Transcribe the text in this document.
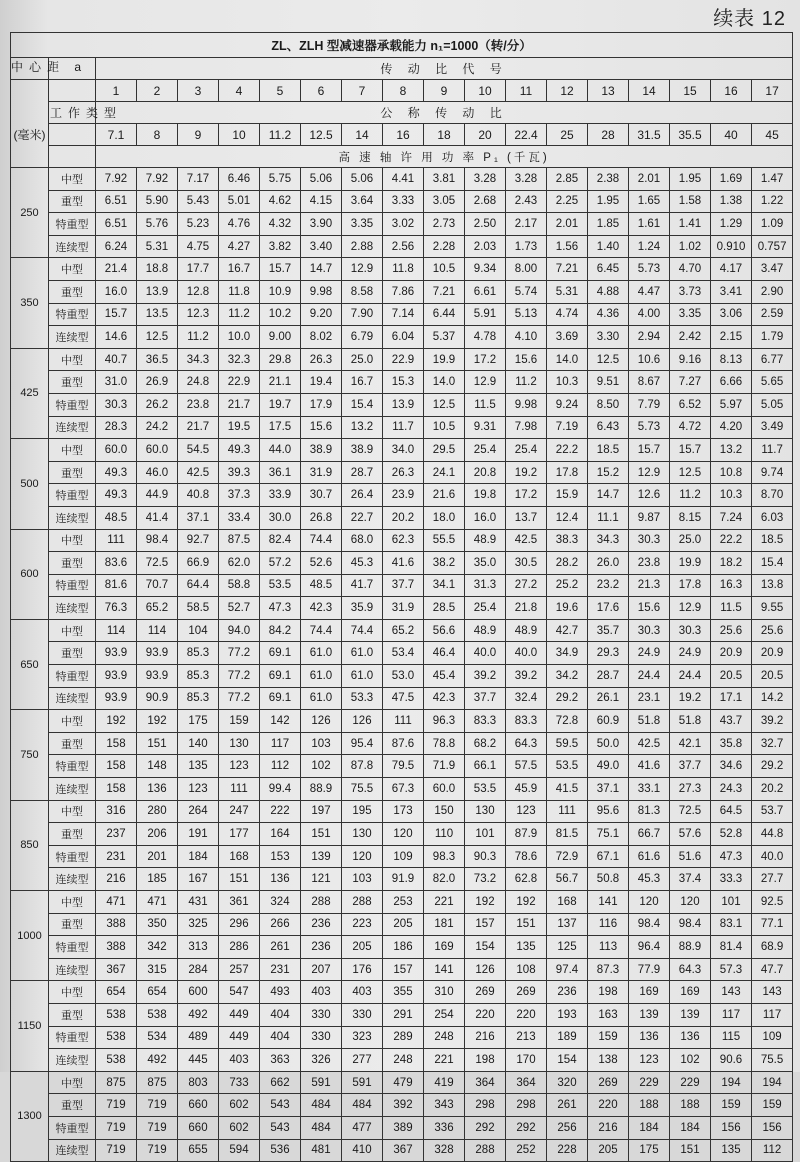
续表 12
ZL、ZLH 型减速器承载能力 n₁=1000（转/分）																		
中心距 a		传 动 比 代 号																
		1	2	3	4	5	6	7	8	9	10	11	12	13	14	15	16	17
	工作类型	公 称 传 动 比																
(毫米)		7.1	8	9	10	11.2	12.5	14	16	18	20	22.4	25	28	31.5	35.5	40	45
		高 速 轴 许 用 功 率 P₁ (千瓦)																
250	中型	7.92	7.92	7.17	6.46	5.75	5.06	5.06	4.41	3.81	3.28	3.28	2.85	2.38	2.01	1.95	1.69	1.47
	重型	6.51	5.90	5.43	5.01	4.62	4.15	3.64	3.33	3.05	2.68	2.43	2.25	1.95	1.65	1.58	1.38	1.22
	特重型	6.51	5.76	5.23	4.76	4.32	3.90	3.35	3.02	2.73	2.50	2.17	2.01	1.85	1.61	1.41	1.29	1.09
	连续型	6.24	5.31	4.75	4.27	3.82	3.40	2.88	2.56	2.28	2.03	1.73	1.56	1.40	1.24	1.02	0.910	0.757
350	中型	21.4	18.8	17.7	16.7	15.7	14.7	12.9	11.8	10.5	9.34	8.00	7.21	6.45	5.73	4.70	4.17	3.47
	重型	16.0	13.9	12.8	11.8	10.9	9.98	8.58	7.86	7.21	6.61	5.74	5.31	4.88	4.47	3.73	3.41	2.90
	特重型	15.7	13.5	12.3	11.2	10.2	9.20	7.90	7.14	6.44	5.91	5.13	4.74	4.36	4.00	3.35	3.06	2.59
	连续型	14.6	12.5	11.2	10.0	9.00	8.02	6.79	6.04	5.37	4.78	4.10	3.69	3.30	2.94	2.42	2.15	1.79
425	中型	40.7	36.5	34.3	32.3	29.8	26.3	25.0	22.9	19.9	17.2	15.6	14.0	12.5	10.6	9.16	8.13	6.77
	重型	31.0	26.9	24.8	22.9	21.1	19.4	16.7	15.3	14.0	12.9	11.2	10.3	9.51	8.67	7.27	6.66	5.65
	特重型	30.3	26.2	23.8	21.7	19.7	17.9	15.4	13.9	12.5	11.5	9.98	9.24	8.50	7.79	6.52	5.97	5.05
	连续型	28.3	24.2	21.7	19.5	17.5	15.6	13.2	11.7	10.5	9.31	7.98	7.19	6.43	5.73	4.72	4.20	3.49
500	中型	60.0	60.0	54.5	49.3	44.0	38.9	38.9	34.0	29.5	25.4	25.4	22.2	18.5	15.7	15.7	13.2	11.7
	重型	49.3	46.0	42.5	39.3	36.1	31.9	28.7	26.3	24.1	20.8	19.2	17.8	15.2	12.9	12.5	10.8	9.74
	特重型	49.3	44.9	40.8	37.3	33.9	30.7	26.4	23.9	21.6	19.8	17.2	15.9	14.7	12.6	11.2	10.3	8.70
	连续型	48.5	41.4	37.1	33.4	30.0	26.8	22.7	20.2	18.0	16.0	13.7	12.4	11.1	9.87	8.15	7.24	6.03
600	中型	111	98.4	92.7	87.5	82.4	74.4	68.0	62.3	55.5	48.9	42.5	38.3	34.3	30.3	25.0	22.2	18.5
	重型	83.6	72.5	66.9	62.0	57.2	52.6	45.3	41.6	38.2	35.0	30.5	28.2	26.0	23.8	19.9	18.2	15.4
	特重型	81.6	70.7	64.4	58.8	53.5	48.5	41.7	37.7	34.1	31.3	27.2	25.2	23.2	21.3	17.8	16.3	13.8
	连续型	76.3	65.2	58.5	52.7	47.3	42.3	35.9	31.9	28.5	25.4	21.8	19.6	17.6	15.6	12.9	11.5	9.55
650	中型	114	114	104	94.0	84.2	74.4	74.4	65.2	56.6	48.9	48.9	42.7	35.7	30.3	30.3	25.6	25.6
	重型	93.9	93.9	85.3	77.2	69.1	61.0	61.0	53.4	46.4	40.0	40.0	34.9	29.3	24.9	24.9	20.9	20.9
	特重型	93.9	93.9	85.3	77.2	69.1	61.0	61.0	53.0	45.4	39.2	39.2	34.2	28.7	24.4	24.4	20.5	20.5
	连续型	93.9	90.9	85.3	77.2	69.1	61.0	53.3	47.5	42.3	37.7	32.4	29.2	26.1	23.1	19.2	17.1	14.2
750	中型	192	192	175	159	142	126	126	111	96.3	83.3	83.3	72.8	60.9	51.8	51.8	43.7	39.2
	重型	158	151	140	130	117	103	95.4	87.6	78.8	68.2	64.3	59.5	50.0	42.5	42.1	35.8	32.7
	特重型	158	148	135	123	112	102	87.8	79.5	71.9	66.1	57.5	53.5	49.0	41.6	37.7	34.6	29.2
	连续型	158	136	123	111	99.4	88.9	75.5	67.3	60.0	53.5	45.9	41.5	37.1	33.1	27.3	24.3	20.2
850	中型	316	280	264	247	222	197	195	173	150	130	123	111	95.6	81.3	72.5	64.5	53.7
	重型	237	206	191	177	164	151	130	120	110	101	87.9	81.5	75.1	66.7	57.6	52.8	44.8
	特重型	231	201	184	168	153	139	120	109	98.3	90.3	78.6	72.9	67.1	61.6	51.6	47.3	40.0
	连续型	216	185	167	151	136	121	103	91.9	82.0	73.2	62.8	56.7	50.8	45.3	37.4	33.3	27.7
1000	中型	471	471	431	361	324	288	288	253	221	192	192	168	141	120	120	101	92.5
	重型	388	350	325	296	266	236	223	205	181	157	151	137	116	98.4	98.4	83.1	77.1
	特重型	388	342	313	286	261	236	205	186	169	154	135	125	113	96.4	88.9	81.4	68.9
	连续型	367	315	284	257	231	207	176	157	141	126	108	97.4	87.3	77.9	64.3	57.3	47.7
1150	中型	654	654	600	547	493	403	403	355	310	269	269	236	198	169	169	143	143
	重型	538	538	492	449	404	330	330	291	254	220	220	193	163	139	139	117	117
	特重型	538	534	489	449	404	330	323	289	248	216	213	189	159	136	136	115	109
	连续型	538	492	445	403	363	326	277	248	221	198	170	154	138	123	102	90.6	75.5
1300	中型	875	875	803	733	662	591	591	479	419	364	364	320	269	229	229	194	194
	重型	719	719	660	602	543	484	484	392	343	298	298	261	220	188	188	159	159
	特重型	719	719	660	602	543	484	477	389	336	292	292	256	216	184	184	156	156
	连续型	719	719	655	594	536	481	410	367	328	288	252	228	205	175	151	135	112
